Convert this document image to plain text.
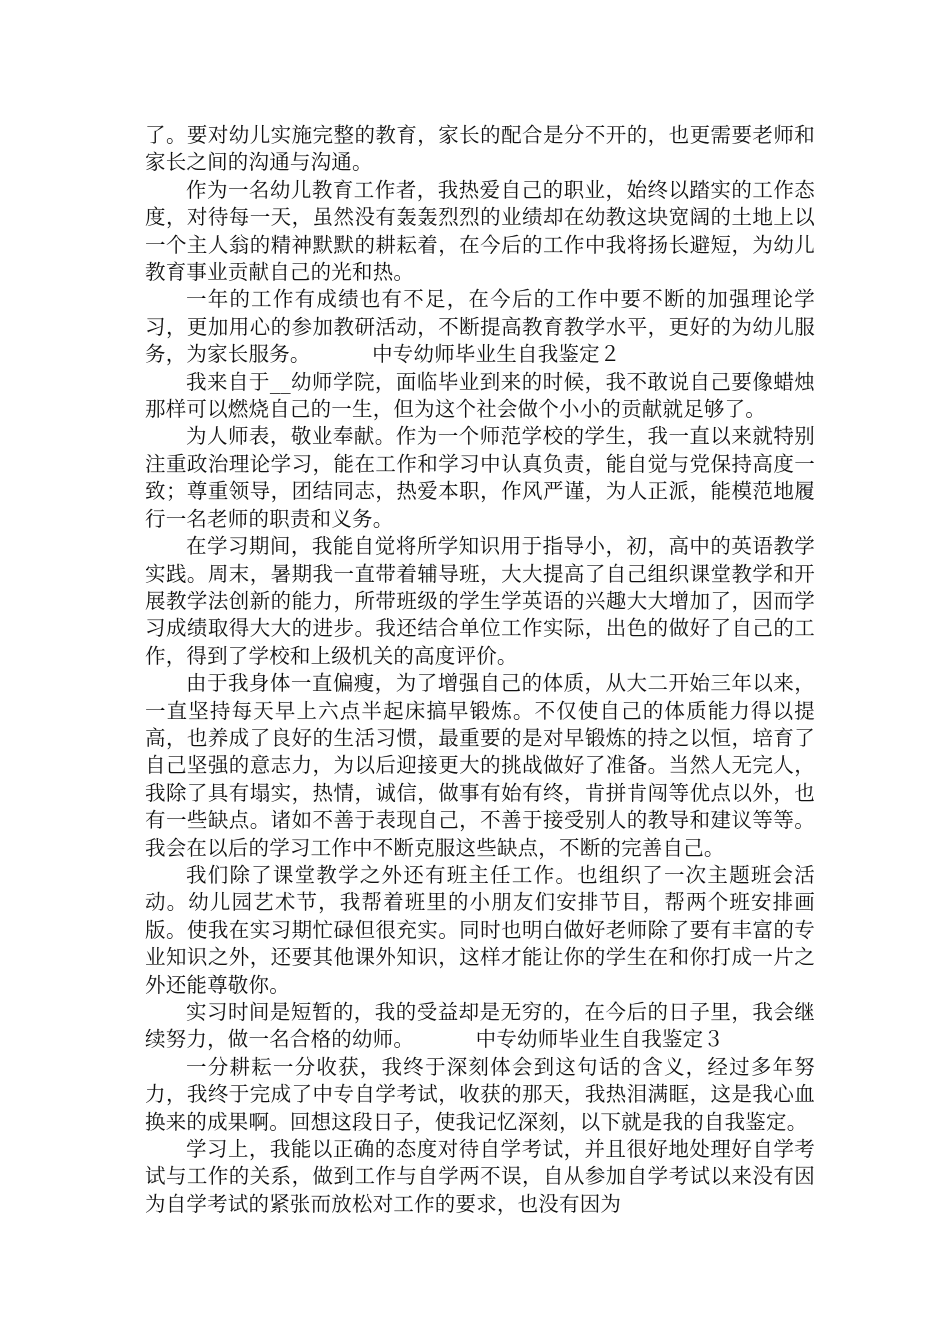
了。要对幼儿实施完整的教育，家长的配合是分不开的，也更需要老师和家长之间的沟通与沟通。

作为一名幼儿教育工作者，我热爱自己的职业，始终以踏实的工作态度，对待每一天，虽然没有轰轰烈烈的业绩却在幼教这块宽阔的土地上以一个主人翁的精神默默的耕耘着，在今后的工作中我将扬长避短，为幼儿教育事业贡献自己的光和热。

一年的工作有成绩也有不足，在今后的工作中要不断的加强理论学习，更加用心的参加教研活动，不断提高教育教学水平，更好的为幼儿服务，为家长服务。	中专幼师毕业生自我鉴定２

我来自于__幼师学院，面临毕业到来的时候，我不敢说自己要像蜡烛那样可以燃烧自己的一生，但为这个社会做个小小的贡献就足够了。

为人师表，敬业奉献。作为一个师范学校的学生，我一直以来就特别注重政治理论学习，能在工作和学习中认真负责，能自觉与党保持高度一致；尊重领导，团结同志，热爱本职，作风严谨，为人正派，能模范地履行一名老师的职责和义务。

在学习期间，我能自觉将所学知识用于指导小，初，高中的英语教学实践。周末，暑期我一直带着辅导班，大大提高了自己组织课堂教学和开展教学法创新的能力，所带班级的学生学英语的兴趣大大增加了，因而学习成绩取得大大的进步。我还结合单位工作实际，出色的做好了自己的工作，得到了学校和上级机关的高度评价。

由于我身体一直偏瘦，为了增强自己的体质，从大二开始三年以来，一直坚持每天早上六点半起床搞早锻炼。不仅使自己的体质能力得以提高，也养成了良好的生活习惯，最重要的是对早锻炼的持之以恒，培育了自己坚强的意志力，为以后迎接更大的挑战做好了准备。当然人无完人，我除了具有塌实，热情，诚信，做事有始有终，肯拼肯闯等优点以外，也有一些缺点。诸如不善于表现自己，不善于接受别人的教导和建议等等。我会在以后的学习工作中不断克服这些缺点，不断的完善自己。

我们除了课堂教学之外还有班主任工作。也组织了一次主题班会活动。幼儿园艺术节，我帮着班里的小朋友们安排节目，帮两个班安排画版。使我在实习期忙碌但很充实。同时也明白做好老师除了要有丰富的专业知识之外，还要其他课外知识，这样才能让你的学生在和你打成一片之外还能尊敬你。

实习时间是短暂的，我的受益却是无穷的，在今后的日子里，我会继续努力，做一名合格的幼师。	中专幼师毕业生自我鉴定３

一分耕耘一分收获，我终于深刻体会到这句话的含义，经过多年努力，我终于完成了中专自学考试，收获的那天，我热泪满眶，这是我心血换来的成果啊。回想这段日子，使我记忆深刻，以下就是我的自我鉴定。

学习上，我能以正确的态度对待自学考试，并且很好地处理好自学考试与工作的关系，做到工作与自学两不误，自从参加自学考试以来没有因为自学考试的紧张而放松对工作的要求，也没有因为
